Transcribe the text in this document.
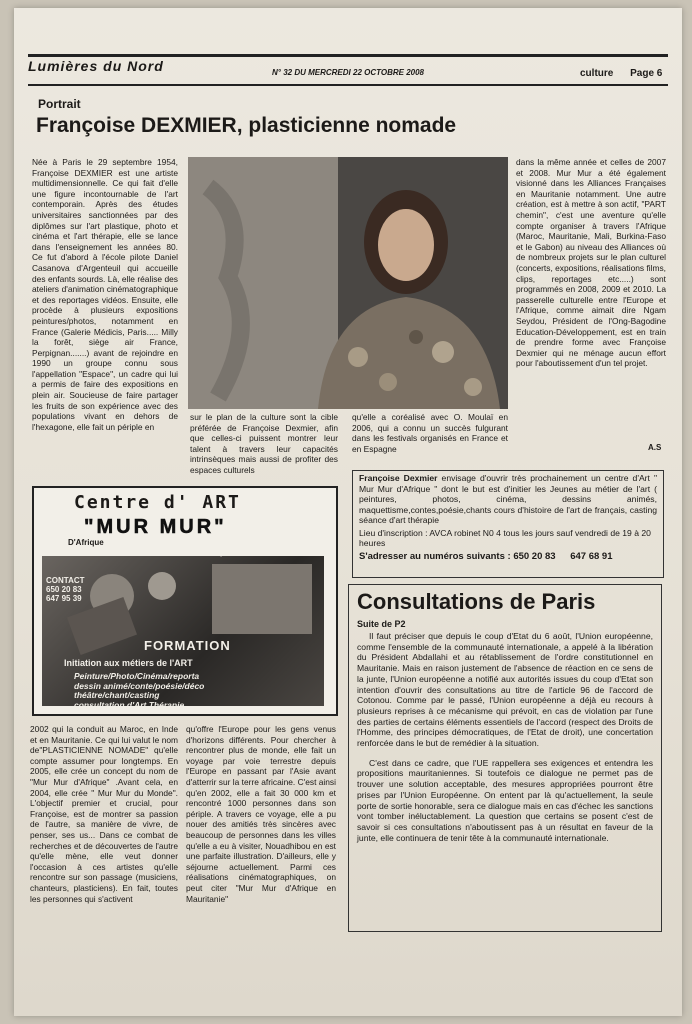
Lumières du Nord	N° 32 DU MERCREDI 22 OCTOBRE 2008	culture Page 6
Portrait
Françoise DEXMIER, plasticienne nomade
Née à Paris le 29 septembre 1954, Françoise DEXMIER est une artiste multidimensionnelle. Ce qui fait d'elle une figure incontournable de l'art contemporain. Après des études universitaires sanctionnées par des diplômes sur l'art plastique, photo et cinéma et l'art thérapie, elle se lance dans l'enseignement les années 80. Ce fut d'abord à l'école pilote Daniel Casanova d'Argenteuil qui accueille des enfants sourds. Là, elle réalise des ateliers d'animation cinématographique et des reportages vidéos. Ensuite, elle procède à plusieurs expositions peintures/photos, notamment en France (Galerie Médicis, Paris..... Milly la forêt, siège air France, Perpignan.......) avant de rejoindre en 1990 un groupe connu sous l'appellation "Espace", un cadre qui lui a permis de faire des expositions en plein air. Soucieuse de faire partager les fruits de son expérience avec des populations vivant en dehors de l'hexagone, elle fait un périple en
sur le plan de la culture sont la cible préférée de Françoise Dexmier, afin que celles-ci puissent montrer leur talent à travers leur capacités intrinsèques mais aussi de profiter des espaces culturels
qu'elle a coréalisé avec O. Moulaï en 2006, qui a connu un succès fulgurant dans les festivals organisés en France et en Espagne
dans la même année et celles de 2007 et 2008. Mur Mur a été également visionné dans les Alliances Françaises en Mauritanie notamment. Une autre création, est à mettre à son actif, "PART chemin", c'est une aventure qu'elle compte organiser à travers l'Afrique (Maroc, Mauritanie, Mali, Burkina-Faso et le Gabon) au niveau des Alliances où de nombreux projets sur le plan culturel (concerts, expositions, réalisations films, clips, reportages etc.....) sont programmés en 2008, 2009 et 2010. La passerelle culturelle entre l'Europe et l'Afrique, comme aimait dire Ngam Seydou, Président de l'Ong-Bagodine Education-Développement, est en train de prendre forme avec Françoise Dexmier qui ne ménage aucun effort pour l'aboutissement d'un tel projet.
A.S
Centre d' ART
"MUR MUR"
D'Afrique
Françoise Dexmier
CONTACT
650 20 83
647 95 39
FORMATION
Initiation aux métiers de l'ART
Peinture/Photo/Cinéma/reporta
dessin animé/conte/poésie/déco
théâtre/chant/casting
consultation d'Art Thérapie
Françoise Dexmier envisage d'ouvrir très prochainement un centre d'Art " Mur Mur d'Afrique " dont le but est d'initier les Jeunes au métier de l'art ( peintures, photos, cinéma, dessins animés, maquettisme,contes,poésie,chants cours d'histoire de l'art de français, casting séance d'art thérapie
Lieu d'inscription : AVCA robinet N0 4 tous les jours sauf vendredi de 19 à 20 heures
S'adresser au numéros suivants : 650 20 83 647 68 91
Consultations de Paris
Suite de P2

Il faut préciser que depuis le coup d'Etat du 6 août, l'Union européenne, comme l'ensemble de la communauté internationale, a appelé à la libération du Président Abdallahi et au rétablissement de l'ordre constitutionnel en Mauritanie. Mais en raison justement de l'absence de réaction en ce sens de la junte, l'Union européenne a notifié aux autorités issues du coup d'Etat son intention d'ouvrir des consultations au titre de l'article 96 de l'accord de Cotonou. Comme par le passé, l'Union européenne a déjà eu recours à plusieurs reprises à ce mécanisme qui prévoit, en cas de violation par l'une des parties de certains éléments essentiels de l'accord (respect des Droits de l'Homme, des principes démocratiques, de l'Etat de droit), une concertation renforcée dans le but de remédier à la situation.

C'est dans ce cadre, que l'UE rappellera ses exigences et entendra les propositions mauritaniennes. Si toutefois ce dialogue ne permet pas de trouver une solution acceptable, des mesures appropriées pourront être prises par l'Union Européenne. On entent par là qu'actuellement, la seule porte de sortie honorable, sera ce dialogue mais en cas d'échec les sanctions vont tomber inéluctablement. La question que certains se posent c'est de savoir si ces consultations n'aboutissent pas à un résultat en faveur de la junte, elle continuera de tenir tête à la communauté internationale.

2002 qui la conduit au Maroc, en Inde et en Mauritanie. Ce qui lui valut le nom de"PLASTICIENNE NOMADE" qu'elle compte assumer pour longtemps. En 2005, elle crée un concept du nom de "Mur Mur d'Afrique" .Avant cela, en 2004, elle crée " Mur Mur du Monde". L'objectif premier et crucial, pour Françoise, est de montrer sa passion de l'autre, sa manière de vivre, de penser, ses us... Dans ce combat de recherches et de découvertes de l'autre qu'elle mène, elle veut donner l'occasion à ces artistes qu'elle rencontre sur son passage (musiciens, chanteurs, plasticiens). En fait, toutes les personnes qui s'activent
qu'offre l'Europe pour les gens venus d'horizons différents. Pour chercher à rencontrer plus de monde, elle fait un voyage par voie terrestre depuis l'Europe en passant par l'Asie avant d'atterrir sur la terre africaine. C'est ainsi qu'en 2002, elle a fait 30 000 km et rencontré 1000 personnes dans son périple. A travers ce voyage, elle a pu nouer des amitiés très sincères avec beaucoup de personnes dans les villes qu'elle a eu à visiter, Nouadhibou en est une parfaite illustration. D'ailleurs, elle y séjourne actuellement. Parmi ces réalisations cinématographiques, on peut citer "Mur Mur d'Afrique en Mauritanie"
